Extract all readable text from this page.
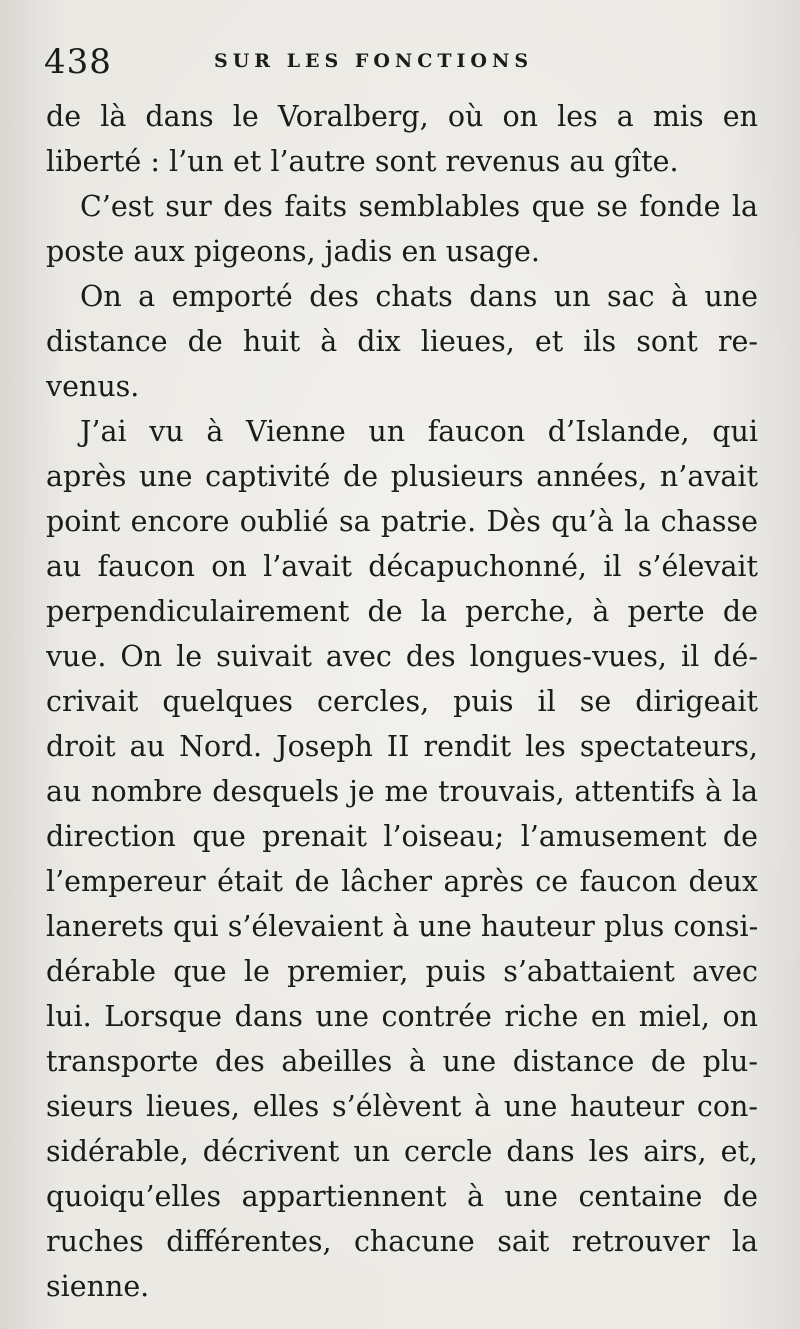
438	SUR LES FONCTIONS
de là dans le Voralberg, où on les a mis en
liberté : l’un et l’autre sont revenus au gîte.
C’est sur des faits semblables que se fonde la
poste aux pigeons, jadis en usage.
On a emporté des chats dans un sac à une
distance de huit à dix lieues, et ils sont re-
venus.
J’ai vu à Vienne un faucon d’Islande, qui
après une captivité de plusieurs années, n’avait
point encore oublié sa patrie. Dès qu’à la chasse
au faucon on l’avait décapuchonné, il s’élevait
perpendiculairement de la perche, à perte de
vue. On le suivait avec des longues-vues, il dé-
crivait quelques cercles, puis il se dirigeait
droit au Nord. Joseph II rendit les spectateurs,
au nombre desquels je me trouvais, attentifs à la
direction que prenait l’oiseau; l’amusement de
l’empereur était de lâcher après ce faucon deux
lanerets qui s’élevaient à une hauteur plus consi-
dérable que le premier, puis s’abattaient avec
lui. Lorsque dans une contrée riche en miel, on
transporte des abeilles à une distance de plu-
sieurs lieues, elles s’élèvent à une hauteur con-
sidérable, décrivent un cercle dans les airs, et,
quoiqu’elles appartiennent à une centaine de
ruches différentes, chacune sait retrouver la
sienne.
